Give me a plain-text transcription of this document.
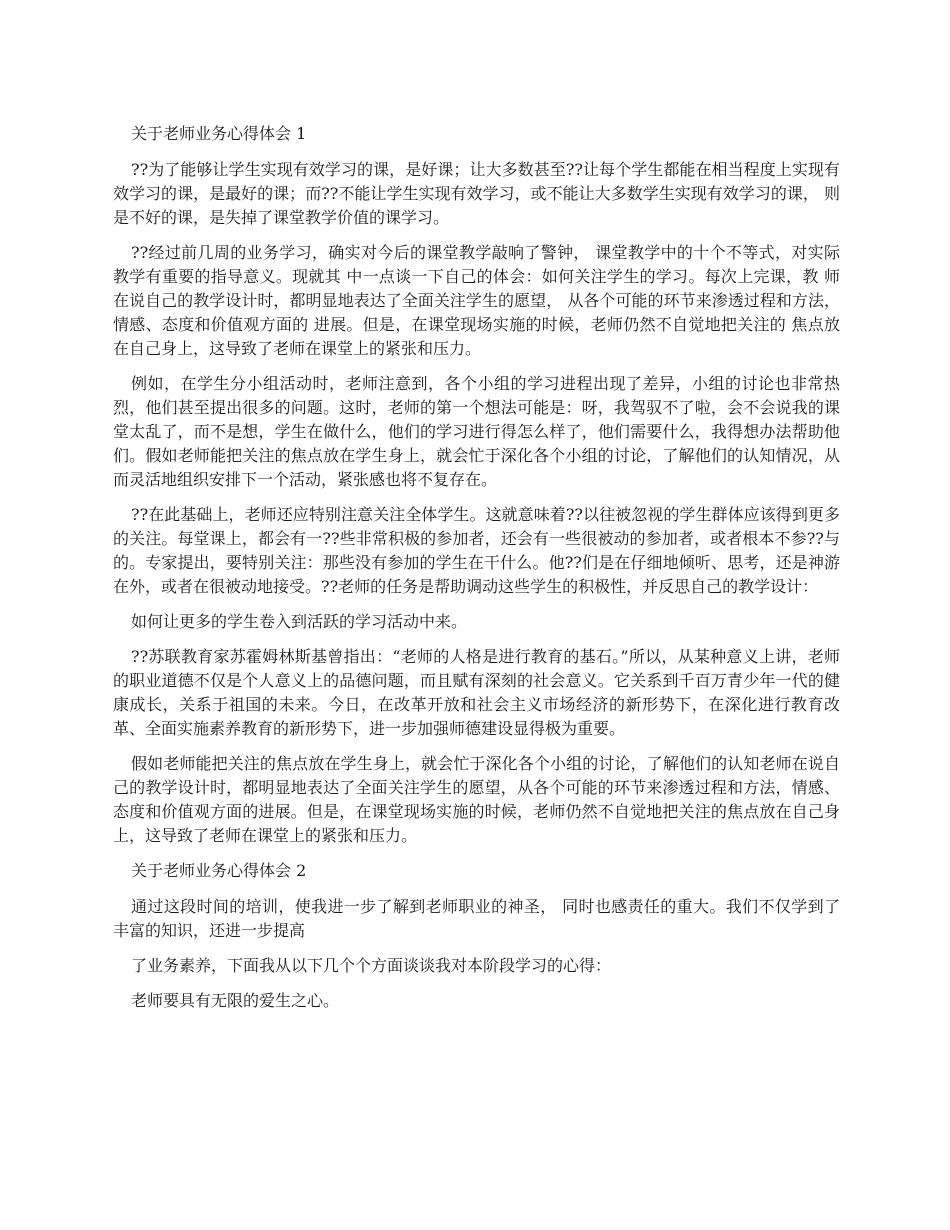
关于老师业务心得体会 1

??为了能够让学生实现有效学习的课，是好课；让大多数甚至??让每个学生都能在相当程度上实现有效学习的课，是最好的课；而??不能让学生实现有效学习，或不能让大多数学生实现有效学习的课， 则是不好的课，是失掉了课堂教学价值的课学习。

??经过前几周的业务学习，确实对今后的课堂教学敲响了警钟， 课堂教学中的十个不等式，对实际教学有重要的指导意义。现就其 中一点谈一下自己的体会：如何关注学生的学习。每次上完课，教 师在说自己的教学设计时，都明显地表达了全面关注学生的愿望， 从各个可能的环节来渗透过程和方法，情感、态度和价值观方面的 进展。但是，在课堂现场实施的时候，老师仍然不自觉地把关注的 焦点放在自己身上，这导致了老师在课堂上的紧张和压力。

例如，在学生分小组活动时，老师注意到，各个小组的学习进程出现了差异，小组的讨论也非常热烈，他们甚至提出很多的问题。这时，老师的第一个想法可能是：呀，我驾驭不了啦，会不会说我的课堂太乱了，而不是想，学生在做什么，他们的学习进行得怎么样了，他们需要什么，我得想办法帮助他们。假如老师能把关注的焦点放在学生身上，就会忙于深化各个小组的讨论，了解他们的认知情况，从而灵活地组织安排下一个活动，紧张感也将不复存在。

??在此基础上，老师还应特别注意关注全体学生。这就意味着??以往被忽视的学生群体应该得到更多的关注。每堂课上，都会有一??些非常积极的参加者，还会有一些很被动的参加者，或者根本不参??与的。专家提出，要特别关注：那些没有参加的学生在干什么。他??们是在仔细地倾听、思考，还是神游在外，或者在很被动地接受。??老师的任务是帮助调动这些学生的积极性，并反思自己的教学设计：

如何让更多的学生卷入到活跃的学习活动中来。

??苏联教育家苏霍姆林斯基曾指出：“老师的人格是进行教育的基石。”所以，从某种意义上讲，老师的职业道德不仅是个人意义上的品德问题，而且赋有深刻的社会意义。它关系到千百万青少年一代的健康成长，关系于祖国的未来。今日，在改革开放和社会主义市场经济的新形势下，在深化进行教育改革、全面实施素养教育的新形势下，进一步加强师德建设显得极为重要。

假如老师能把关注的焦点放在学生身上，就会忙于深化各个小组的讨论，了解他们的认知老师在说自己的教学设计时，都明显地表达了全面关注学生的愿望，从各个可能的环节来渗透过程和方法，情感、态度和价值观方面的进展。但是，在课堂现场实施的时候，老师仍然不自觉地把关注的焦点放在自己身上，这导致了老师在课堂上的紧张和压力。

关于老师业务心得体会 2

通过这段时间的培训，使我进一步了解到老师职业的神圣， 同时也感责任的重大。我们不仅学到了丰富的知识，还进一步提高

了业务素养，下面我从以下几个个方面谈谈我对本阶段学习的心得：

老师要具有无限的爱生之心。
